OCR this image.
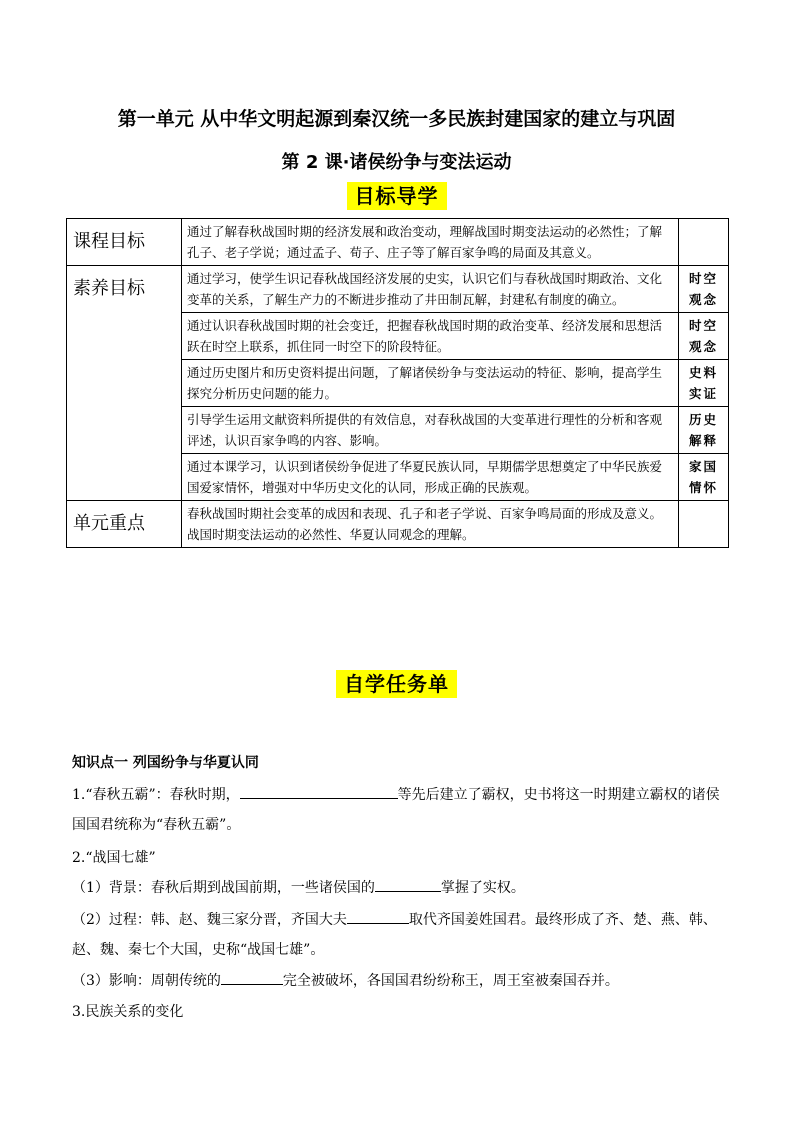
第一单元 从中华文明起源到秦汉统一多民族封建国家的建立与巩固
第 2 课·诸侯纷争与变法运动
目标导学
课程目标	通过了解春秋战国时期的经济发展和政治变动，理解战国时期变法运动的必然性；了解孔子、老子学说；通过孟子、荀子、庄子等了解百家争鸣的局面及其意义。	
素养目标	通过学习，使学生识记春秋战国经济发展的史实，认识它们与春秋战国时期政治、文化变革的关系，了解生产力的不断进步推动了井田制瓦解，封建私有制度的确立。	时空观念
	通过认识春秋战国时期的社会变迁，把握春秋战国时期的政治变革、经济发展和思想活跃在时空上联系，抓住同一时空下的阶段特征。	时空观念
	通过历史图片和历史资料提出问题，了解诸侯纷争与变法运动的特征、影响，提高学生探究分析历史问题的能力。	史料实证
	引导学生运用文献资料所提供的有效信息，对春秋战国的大变革进行理性的分析和客观评述，认识百家争鸣的内容、影响。	历史解释
	通过本课学习，认识到诸侯纷争促进了华夏民族认同，早期儒学思想奠定了中华民族爱国爱家情怀，增强对中华历史文化的认同，形成正确的民族观。	家国情怀
单元重点	春秋战国时期社会变革的成因和表现、孔子和老子学说、百家争鸣局面的形成及意义。战国时期变法运动的必然性、华夏认同观念的理解。	
自学任务单
知识点一 列国纷争与华夏认同
1.“春秋五霸”：春秋时期，	等先后建立了霸权，史书将这一时期建立霸权的诸侯国国君统称为“春秋五霸”。
2.“战国七雄”
（1）背景：春秋后期到战国前期，一些诸侯国的	掌握了实权。
（2）过程：韩、赵、魏三家分晋，齐国大夫	取代齐国姜姓国君。最终形成了齐、楚、燕、韩、赵、魏、秦七个大国，史称“战国七雄”。
（3）影响：周朝传统的	完全被破坏，各国国君纷纷称王，周王室被秦国吞并。
3.民族关系的变化
